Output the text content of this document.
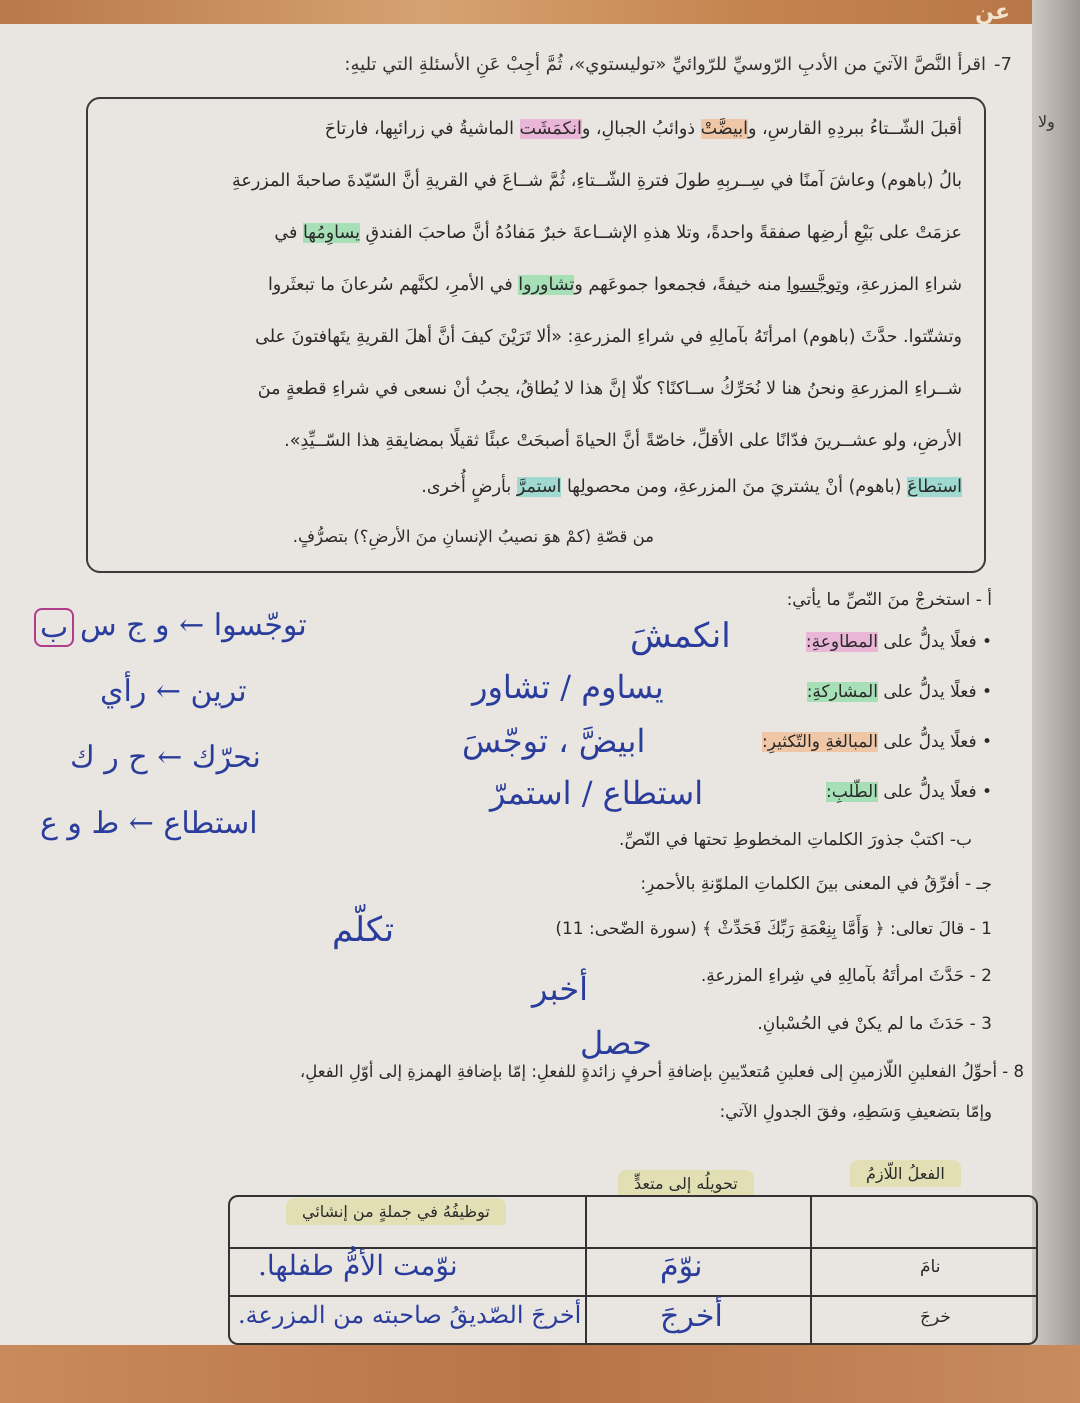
عن
ولا
7-اقرأ النَّصَّ الآتيَ من الأدبِ الرّوسيِّ للرّوائيِّ «توليستوي»، ثُمَّ أجِبْ عَنِ الأسئلةِ التي تليهِ:
أقبلَ الشّــتاءُ ببردِهِ القارسِ، وابيضَّتْ ذوائبُ الجبالِ، وانكمَشَت الماشيةُ في زرائبِها، فارتاحَ
بالُ (باهوم) وعاشَ آمنًا في سِــربِهِ طولَ فترةِ الشّــتاءِ، ثُمَّ شــاعَ في القريةِ أنَّ السّيّدةَ صاحبةَ المزرعةِ
عزمَتْ على بَيْعِ أرضِها صفقةً واحدةً، وتلا هذهِ الإشــاعةَ خبرٌ مَفادُهُ أنَّ صاحبَ الفندقِ يساوِمُها في
شراءِ المزرعةِ، وتوجَّسوا منه خيفةً، فجمعوا جموعَهم وتشاوروا في الأمرِ، لكنَّهم سُرعانَ ما تبعثَروا
وتشتّتوا. حدَّثَ (باهوم) امرأتَهُ بآمالِهِ في شراءِ المزرعةِ: «ألا تَرَيْنَ كيفَ أنَّ أهلَ القريةِ يتَهافتونَ على
شــراءِ المزرعةِ ونحنُ هنا لا نُحَرِّكُ ســاكنًا؟ كلّا إنَّ هذا لا يُطاقُ، يجبُ أنْ نسعى في شراءِ قطعةٍ منَ
الأرضِ، ولو عشــرينَ فدّانًا على الأقلِّ، خاصّةً أنَّ الحياةَ أصبحَتْ عبئًا ثقيلًا بمضايقةِ هذا السّــيِّدِ».
استطاعَ (باهوم) أنْ يشتريَ منَ المزرعةِ، ومن محصولِها استمرَّ بأرضٍ أُخرى.
من قصّةِ (كمْ هوَ نصيبُ الإنسانِ منَ الأرضِ؟) بتصرُّفٍ.
أ - استخرجْ منَ النّصِّ ما يأتي:
• فعلًا يدلُّ على المطاوعةِ:
انكمشَ
• فعلًا يدلُّ على المشاركةِ:
يساوم / تشاور
• فعلًا يدلُّ على المبالغةِ والتّكثيرِ:
ابيضَّ ، توجّسَ
• فعلًا يدلُّ على الطّلبِ:
استطاع / استمرّ
ب- اكتبْ جذورَ الكلماتِ المخطوطِ تحتها في النّصِّ.
ب توجّسوا ← و ج س
ترين ← رأي
نحرّك ← ح ر ك
استطاع ← ط و ع
جـ - أفرِّقُ في المعنى بينَ الكلماتِ الملوّنةِ بالأحمرِ:
1 - قالَ تعالى: ﴿ وَأَمَّا بِنِعْمَةِ رَبِّكَ فَحَدِّثْ ﴾ (سورة الضّحى: 11)
تكلّم
2 - حَدَّثَ امرأتَهُ بآمالِهِ في شِراءِ المزرعةِ.
أخبر
3 - حَدَثَ ما لم يكنْ في الحُسْبانِ.
حصل
8 - أحوِّلُ الفعلينِ اللّازمينِ إلى فعلينِ مُتعدّيينِ بإضافةِ أحرفٍ زائدةٍ للفعلِ: إمّا بإضافةِ الهمزةِ إلى أوّلِ الفعلِ،
وإمّا بتضعيفِ وَسَطِهِ، وفقَ الجدولِ الآتي:
الفعلُ اللّازمُ
تحويلُه إلى متعدٍّ
توظيفُهُ في جملةٍ من إنشائي
نامَ
نوّمَ
نوّمت الأمُّ طفلها.
خرجَ
أخرجَ
أخرجَ الصّديقُ صاحبته من المزرعة.
